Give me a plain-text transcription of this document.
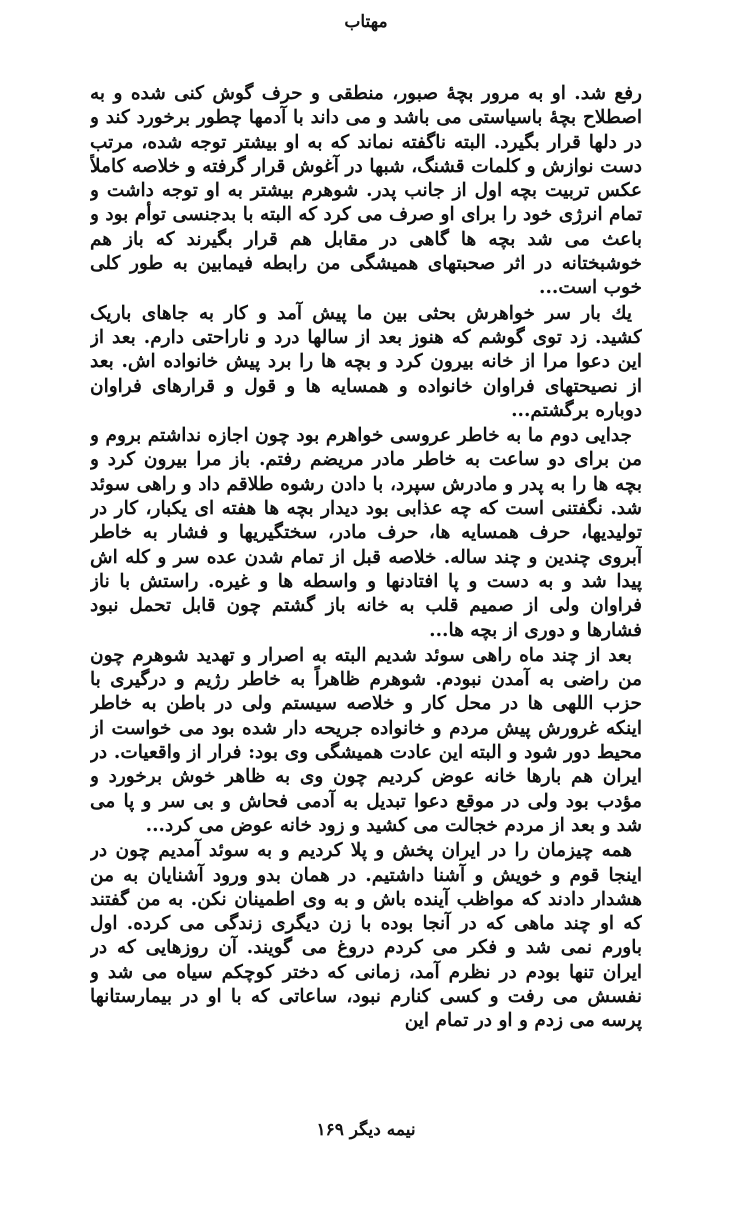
مهتاب

رفع شد. او به مرور بچهٔ صبور، منطقی و حرف گوش کنی شده و به اصطلاح بچهٔ باسیاستی می باشد و می داند با آدمها چطور برخورد کند و در دلها قرار بگیرد. البته ناگفته نماند که به او بیشتر توجه شده، مرتب دست نوازش و کلمات قشنگ، شبها در آغوش قرار گرفته و خلاصه کاملاً عکس تربیت بچه اول از جانب پدر. شوهرم بیشتر به او توجه داشت و تمام انرژی خود را برای او صرف می کرد که البته با بدجنسی توأم بود و باعث می شد بچه ها گاهی در مقابل هم قرار بگیرند که باز هم خوشبختانه در اثر صحبتهای همیشگی من رابطه فیمابین به طور کلی خوب است...

یك بار سر خواهرش بحثی بین ما پیش آمد و کار به جاهای باریک کشید. زد توی گوشم که هنوز بعد از سالها درد و ناراحتی دارم. بعد از این دعوا مرا از خانه بیرون کرد و بچه ها را برد پیش خانواده اش. بعد از نصیحتهای فراوان خانواده و همسایه ها و قول و قرارهای فراوان دوباره برگشتم...

جدایی دوم ما به خاطر عروسی خواهرم بود چون اجازه نداشتم بروم و من برای دو ساعت به خاطر مادر مریضم رفتم. باز مرا بیرون کرد و بچه ها را به پدر و مادرش سپرد، با دادن رشوه طلاقم داد و راهی سوئد شد. نگفتنی است که چه عذابی بود دیدار بچه ها هفته ای یکبار، کار در تولیدیها، حرف همسایه ها، حرف مادر، سختگیریها و فشار به خاطر آبروی چندین و چند ساله. خلاصه قبل از تمام شدن عده سر و کله اش پیدا شد و به دست و پا افتادنها و واسطه ها و غیره. راستش با ناز فراوان ولی از صمیم قلب به خانه باز گشتم چون قابل تحمل نبود فشارها و دوری از بچه ها...

بعد از چند ماه راهی سوئد شدیم البته به اصرار و تهدید شوهرم چون من راضی به آمدن نبودم. شوهرم ظاهراً به خاطر رژیم و درگیری با حزب اللهی ها در محل کار و خلاصه سیستم ولی در باطن به خاطر اینکه غرورش پیش مردم و خانواده جریحه دار شده بود می خواست از محیط دور شود و البته این عادت همیشگی وی بود: فرار از واقعیات. در ایران هم بارها خانه عوض کردیم چون وی به ظاهر خوش برخورد و مؤدب بود ولی در موقع دعوا تبدیل به آدمی فحاش و بی سر و پا می شد و بعد از مردم خجالت می کشید و زود خانه عوض می کرد...

همه چیزمان را در ایران پخش و پلا کردیم و به سوئد آمدیم چون در اینجا قوم و خویش و آشنا داشتیم. در همان بدو ورود آشنایان به من هشدار دادند که مواظب آینده باش و به وی اطمینان نکن. به من گفتند که او چند ماهی که در آنجا بوده با زن دیگری زندگی می کرده. اول باورم نمی شد و فکر می کردم دروغ می گویند. آن روزهایی که در ایران تنها بودم در نظرم آمد، زمانی که دختر کوچکم سیاه می شد و نفسش می رفت و کسی کنارم نبود، ساعاتی که با او در بیمارستانها پرسه می زدم و او در تمام این

نیمه دیگر ۱۶۹
